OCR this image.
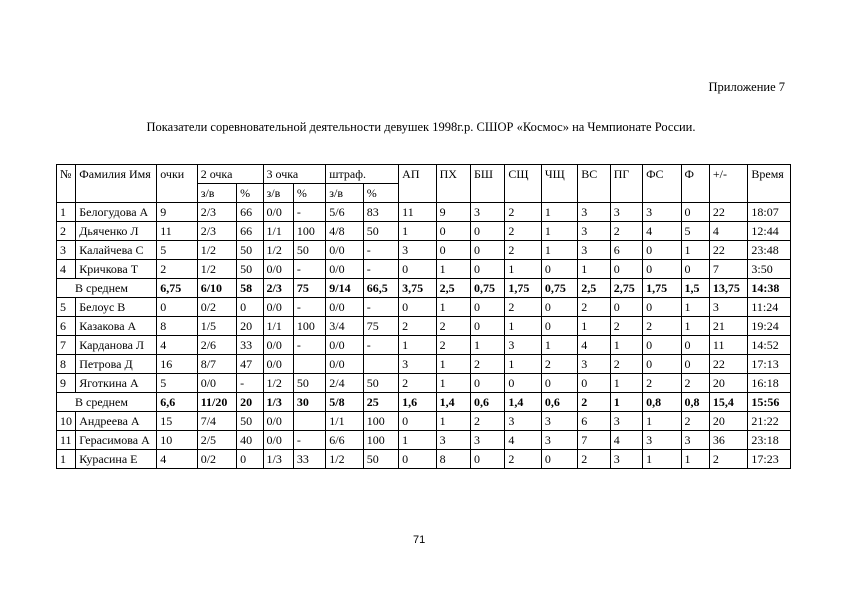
Приложение 7
Показатели соревновательной деятельности девушек 1998г.р. СШОР «Космос» на Чемпионате России.
№	Фамилия Имя	очки	2 очка		3 очка		штраф.		АП	ПХ	БШ	СЩ	ЧЩ	ВС	ПГ	ФС	Ф	+/-	Время
			з/в	%	з/в	%	з/в	%											
1	Белогудова А	9	2/3	66	0/0	-	5/6	83	11	9	3	2	1	3	3	3	0	22	18:07
2	Дьяченко Л	11	2/3	66	1/1	100	4/8	50	1	0	0	2	1	3	2	4	5	4	12:44
3	Калайчева С	5	1/2	50	1/2	50	0/0	-	3	0	0	2	1	3	6	0	1	22	23:48
4	Кричкова Т	2	1/2	50	0/0	-	0/0	-	0	1	0	1	0	1	0	0	0	7	3:50
В среднем		6,75	6/10	58	2/3	75	9/14	66,5	3,75	2,5	0,75	1,75	0,75	2,5	2,75	1,75	1,5	13,75	14:38
5	Белоус В	0	0/2	0	0/0	-	0/0	-	0	1	0	2	0	2	0	0	1	3	11:24
6	Казакова А	8	1/5	20	1/1	100	3/4	75	2	2	0	1	0	1	2	2	1	21	19:24
7	Карданова Л	4	2/6	33	0/0	-	0/0	-	1	2	1	3	1	4	1	0	0	11	14:52
8	Петрова Д	16	8/7	47	0/0		0/0		3	1	2	1	2	3	2	0	0	22	17:13
9	Яготкина А	5	0/0	-	1/2	50	2/4	50	2	1	0	0	0	0	1	2	2	20	16:18
В среднем		6,6	11/20	20	1/3	30	5/8	25	1,6	1,4	0,6	1,4	0,6	2	1	0,8	0,8	15,4	15:56
10	Андреева А	15	7/4	50	0/0		1/1	100	0	1	2	3	3	6	3	1	2	20	21:22
11	Герасимова А	10	2/5	40	0/0	-	6/6	100	1	3	3	4	3	7	4	3	3	36	23:18
1	Курасина Е	4	0/2	0	1/3	33	1/2	50	0	8	0	2	0	2	3	1	1	2	17:23
71
